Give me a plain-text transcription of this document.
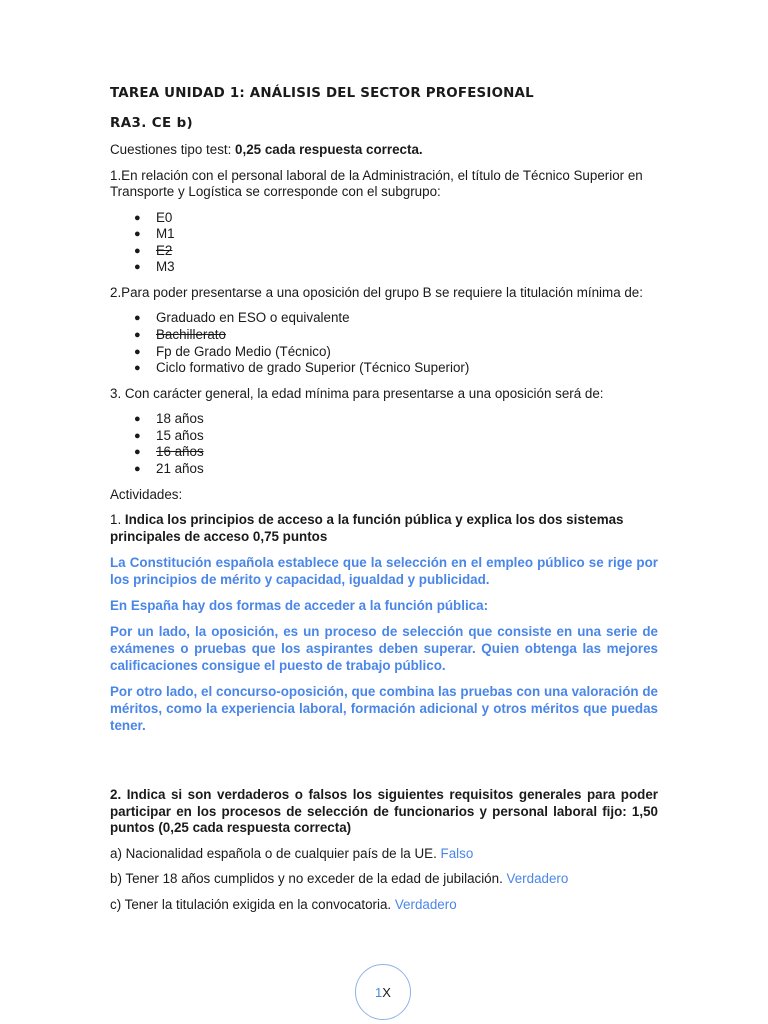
TAREA UNIDAD 1: ANÁLISIS DEL SECTOR PROFESIONAL
RA3. CE b)

Cuestiones tipo test: 0,25 cada respuesta correcta.

1.En relación con el personal laboral de la Administración, el título de Técnico Superior en Transporte y Logística se corresponde con el subgrupo:

● E0
● M1
● E2
● M3

2.Para poder presentarse a una oposición del grupo B se requiere la titulación mínima de:

● Graduado en ESO o equivalente
● Bachillerato
● Fp de Grado Medio (Técnico)
● Ciclo formativo de grado Superior (Técnico Superior)

3. Con carácter general, la edad mínima para presentarse a una oposición será de:

● 18 años
● 15 años
● 16 años
● 21 años

Actividades:

1. Indica los principios de acceso a la función pública y explica los dos sistemas principales de acceso 0,75 puntos

La Constitución española establece que la selección en el empleo público se rige por los principios de mérito y capacidad, igualdad y publicidad.

En España hay dos formas de acceder a la función pública:

Por un lado, la oposición, es un proceso de selección que consiste en una serie de exámenes o pruebas que los aspirantes deben superar. Quien obtenga las mejores calificaciones consigue el puesto de trabajo público.

Por otro lado, el concurso-oposición, que combina las pruebas con una valoración de méritos, como la experiencia laboral, formación adicional y otros méritos que puedas tener.

2. Indica si son verdaderos o falsos los siguientes requisitos generales para poder participar en los procesos de selección de funcionarios y personal laboral fijo: 1,50 puntos (0,25 cada respuesta correcta)

a) Nacionalidad española o de cualquier país de la UE. Falso

b) Tener 18 años cumplidos y no exceder de la edad de jubilación. Verdadero

c) Tener la titulación exigida en la convocatoria. Verdadero

1 X
